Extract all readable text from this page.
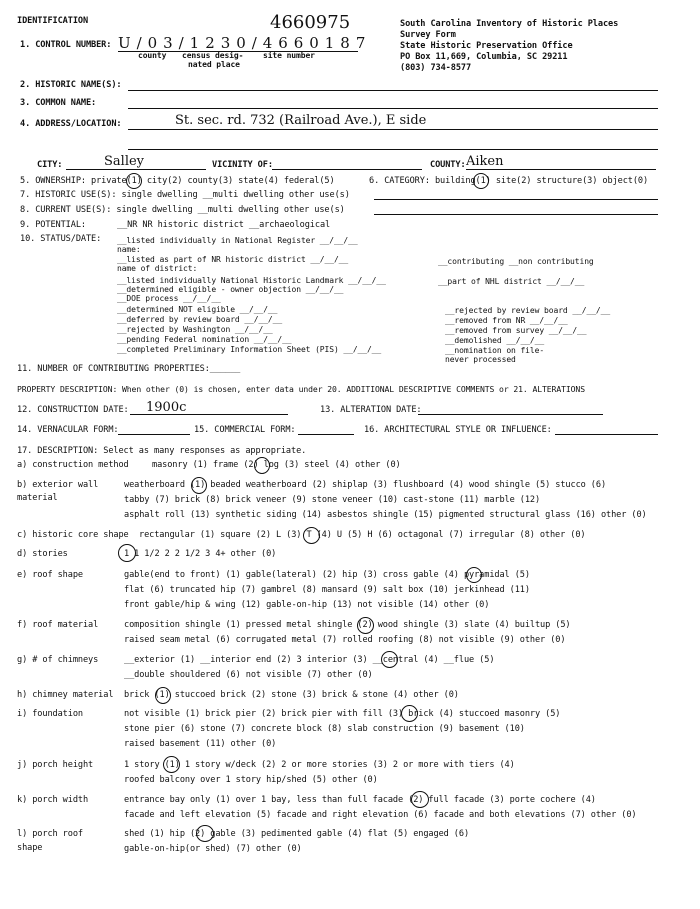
IDENTIFICATION	4660975	South Carolina Inventory of Historic Places
Survey Form
State Historic Preservation Office
PO Box 11,669, Columbia, SC 29211
(803) 734-8577
1. CONTROL NUMBER: U / 0 3 / 1 2 3 0 / 4 6 6 0 1 8 7
county census desig-
nated place
site number
2. HISTORIC NAME(S):
3. COMMON NAME:
4. ADDRESS/LOCATION:	St. sec. rd. 732 (Railroad Ave.), E side
CITY:	Salley	VICINITY OF:	COUNTY: Aiken
5. OWNERSHIP: private(1) city(2) county(3) state(4) federal(5)	6. CATEGORY: building(1) site(2) structure(3) object(0)
7. HISTORIC USE(S): single dwelling __multi dwelling other use(s)
8. CURRENT USE(S): single dwelling __multi dwelling other use(s)
9. POTENTIAL:	__NR NR historic district __archaeological
10. STATUS/DATE: __listed individually in National Register __/__/__
name:
__listed as part of NR historic district __/__/__
name of district:
__listed individually National Historic Landmark __/__/__
__determined eligible - owner objection __/__/__
__DOE process __/__/__
__determined NOT eligible __/__/__
__deferred by review board __/__/__
__rejected by Washington __/__/__
__pending Federal nomination __/__/__
__completed Preliminary Information Sheet (PIS) __/__/__
__contributing __non contributing
__part of NHL district __/__/__
__rejected by review board __/__/__
__removed from NR __/__/__
__removed from survey __/__/__
__demolished __/__/__
__nomination on file-
never processed
11. NUMBER OF CONTRIBUTING PROPERTIES:______
PROPERTY DESCRIPTION: When other (0) is chosen, enter data under 20. ADDITIONAL DESCRIPTIVE COMMENTS or 21. ALTERATIONS
12. CONSTRUCTION DATE: 1900c	13. ALTERATION DATE:
14. VERNACULAR FORM:	15. COMMERCIAL FORM:	16. ARCHITECTURAL STYLE OR INFLUENCE:
17. DESCRIPTION: Select as many responses as appropriate.
a) construction method	masonry (1) frame (2) log (3) steel (4) other (0)
b) exterior wall
material
weatherboard (1) beaded weatherboard (2) shiplap (3) flushboard (4) wood shingle (5) stucco (6)
tabby (7) brick (8) brick veneer (9) stone veneer (10) cast-stone (11) marble (12)
asphalt roll (13) synthetic siding (14) asbestos shingle (15) pigmented structural glass (16) other (0)
c) historic core shape rectangular (1) square (2) L (3) T (4) U (5) H (6) octagonal (7) irregular (8) other (0)
d) stories	1 1 1/2 2 2 1/2 3 4+ other (0)
e) roof shape	gable(end to front) (1) gable(lateral) (2) hip (3) cross gable (4) pyramidal (5)
flat (6) truncated hip (7) gambrel (8) mansard (9) salt box (10) jerkinhead (11)
front gable/hip & wing (12) gable-on-hip (13) not visible (14) other (0)
f) roof material	composition shingle (1) pressed metal shingle (2) wood shingle (3) slate (4) builtup (5)
raised seam metal (6) corrugated metal (7) rolled roofing (8) not visible (9) other (0)
g) # of chimneys	__exterior (1) __interior end (2) 3 interior (3) __central (4) __flue (5)
__double shouldered (6) not visible (7) other (0)
h) chimney material brick (1) stuccoed brick (2) stone (3) brick & stone (4) other (0)
i) foundation	not visible (1) brick pier (2) brick pier with fill (3) brick (4) stuccoed masonry (5)
stone pier (6) stone (7) concrete block (8) slab construction (9) basement (10)
raised basement (11) other (0)
j) porch height	1 story (1) 1 story w/deck (2) 2 or more stories (3) 2 or more with tiers (4)
roofed balcony over 1 story hip/shed (5) other (0)
k) porch width	entrance bay only (1) over 1 bay, less than full facade (2) full facade (3) porte cochere (4)
facade and left elevation (5) facade and right elevation (6) facade and both elevations (7) other (0)
l) porch roof
shape
shed (1) hip (2) gable (3) pedimented gable (4) flat (5) engaged (6)
gable-on-hip(or shed) (7) other (0)
